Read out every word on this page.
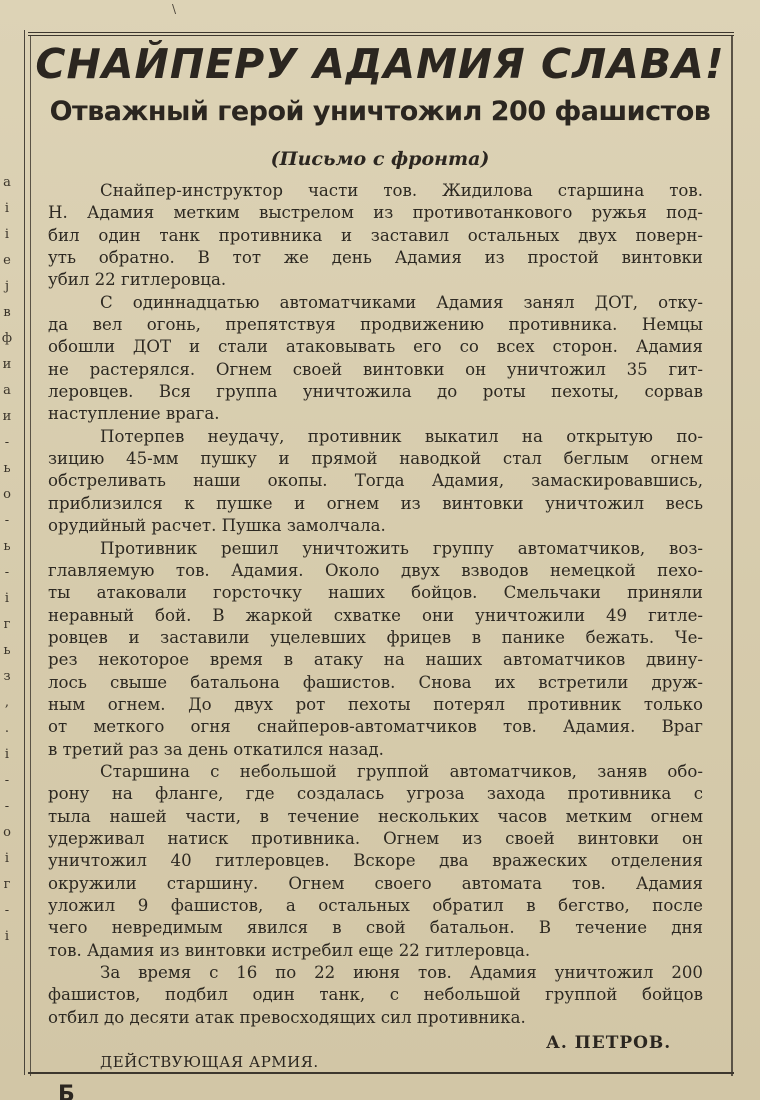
\
а
і
і
е
ј
в
ф
и
а
и
-
ь
о
-
ь
-
і
г
ь
з
,
.
і
-
-
о
і
г
-
і
СНАЙПЕРУ АДАМИЯ СЛАВА!
Отважный герой уничтожил 200 фашистов
(Письмо с фронта)
Снайпер-инструктор части тов. Жидилова старшина тов.
Н. Адамия метким выстрелом из противотанкового ружья под-
бил один танк противника и заставил остальных двух поверн-
уть обратно. В тот же день Адамия из простой винтовки
убил 22 гитлеровца.
С одиннадцатью автоматчиками Адамия занял ДОТ, отку-
да вел огонь, препятствуя продвижению противника. Немцы
обошли ДОТ и стали атаковывать его со всех сторон. Адамия
не растерялся. Огнем своей винтовки он уничтожил 35 гит-
леровцев. Вся группа уничтожила до роты пехоты, сорвав
наступление врага.
Потерпев неудачу, противник выкатил на открытую по-
зицию 45-мм пушку и прямой наводкой стал беглым огнем
обстреливать наши окопы. Тогда Адамия, замаскировавшись,
приблизился к пушке и огнем из винтовки уничтожил весь
орудийный расчет. Пушка замолчала.
Противник решил уничтожить группу автоматчиков, воз-
главляемую тов. Адамия. Около двух взводов немецкой пехо-
ты атаковали горсточку наших бойцов. Смельчаки приняли
неравный бой. В жаркой схватке они уничтожили 49 гитле-
ровцев и заставили уцелевших фрицев в панике бежать. Че-
рез некоторое время в атаку на наших автоматчиков двину-
лось свыше батальона фашистов. Снова их встретили друж-
ным огнем. До двух рот пехоты потерял противник только
от меткого огня снайперов-автоматчиков тов. Адамия. Враг
в третий раз за день откатился назад.
Старшина с небольшой группой автоматчиков, заняв обо-
рону на фланге, где создалась угроза захода противника с
тыла нашей части, в течение нескольких часов метким огнем
удерживал натиск противника. Огнем из своей винтовки он
уничтожил 40 гитлеровцев. Вскоре два вражеских отделения
окружили старшину. Огнем своего автомата тов. Адамия
уложил 9 фашистов, а остальных обратил в бегство, после
чего невредимым явился в свой батальон. В течение дня
тов. Адамия из винтовки истребил еще 22 гитлеровца.
За время с 16 по 22 июня тов. Адамия уничтожил 200
фашистов, подбил один танк, с небольшой группой бойцов
отбил до десяти атак превосходящих сил противника.
А. ПЕТРОВ.
ДЕЙСТВУЮЩАЯ АРМИЯ.
Б
